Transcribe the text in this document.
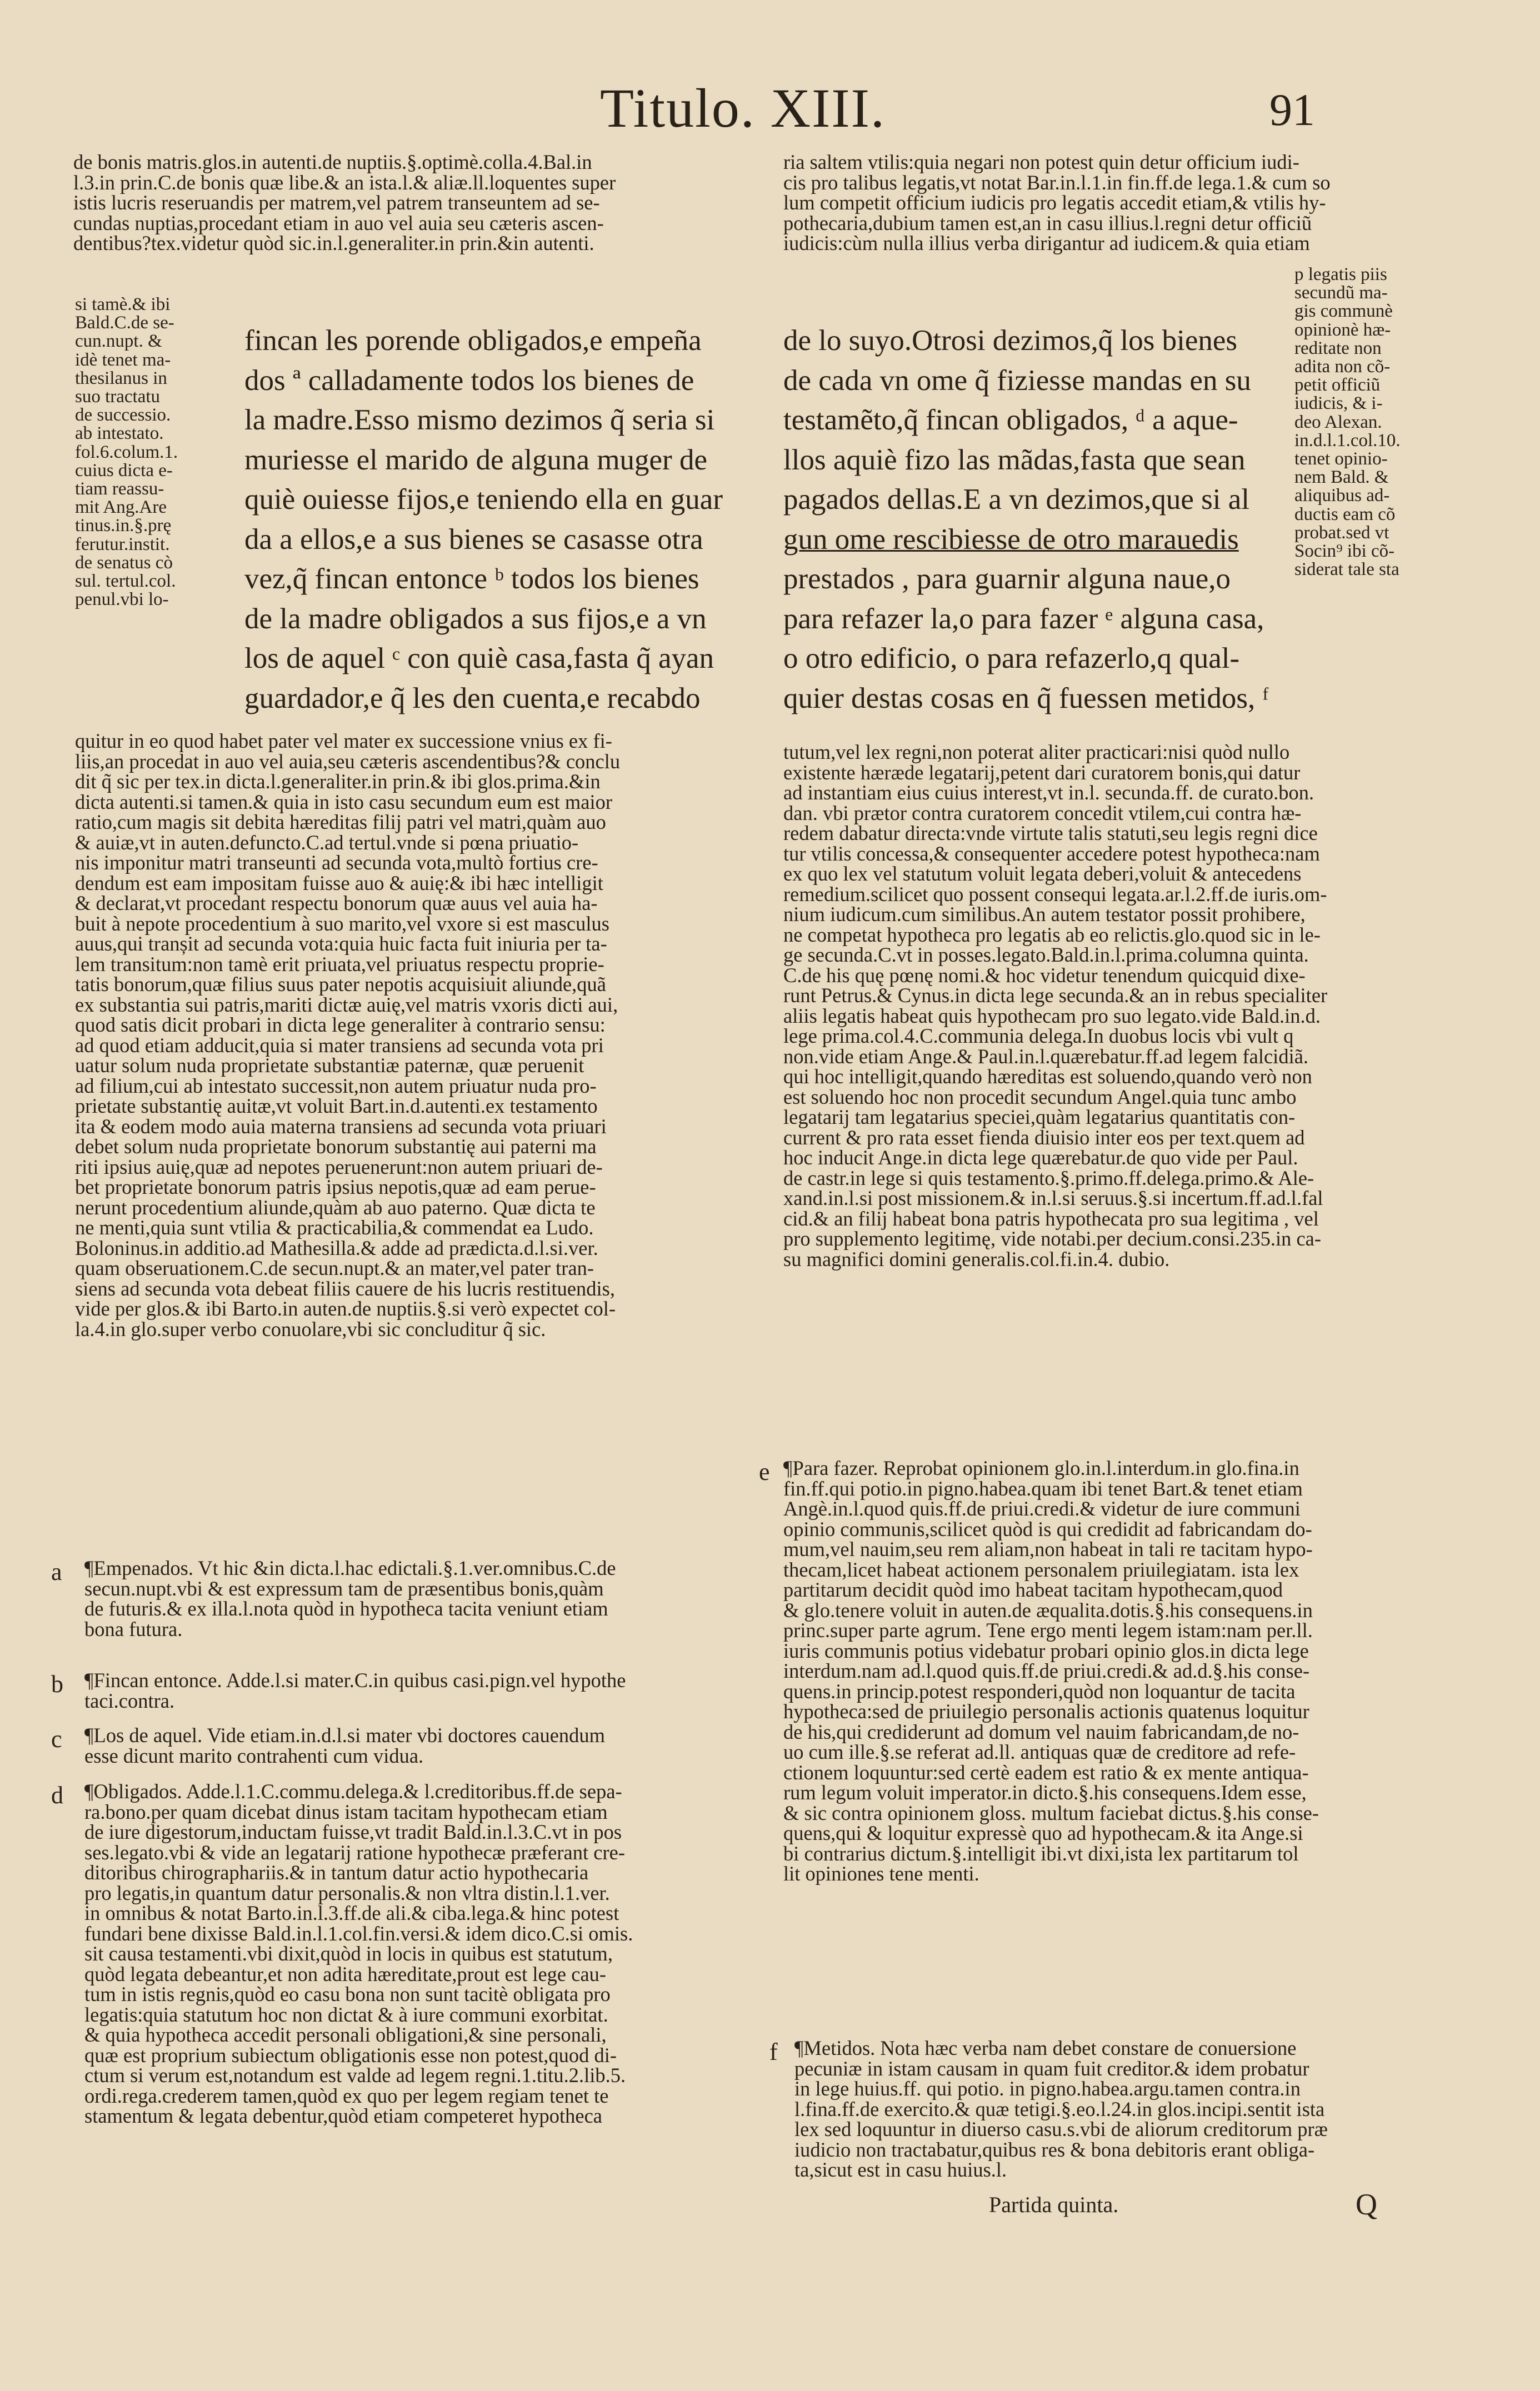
Titulo. XIII.	91
de bonis matris.glos.in autenti.de nuptiis.§.optimè.colla.4.Bal.in
l.3.in prin.C.de bonis quæ libe.& an ista.l.& aliæ.ll.loquentes super
istis lucris reseruandis per matrem,vel patrem transeuntem ad se-
cundas nuptias,procedant etiam in auo vel auia seu cæteris ascen-
dentibus?tex.videtur quòd sic.in.l.generaliter.in prin.&in autenti.
si tamè.& ibi
Bald.C.de se-
cun.nupt. &
idè tenet ma-
thesilanus in
suo tractatu
de successio.
ab intestato.
fol.6.colum.1.
cuius dicta e-
tiam reassu-
mit Ang.Are
tinus.in.§.prę
ferutur.instit.
de senatus cò
sul. tertul.col.
penul.vbi lo-
fincan les porende obligados,e empeña
dos ª calladamente todos los bienes de
la madre.Esso mismo dezimos q̃ seria si
muriesse el marido de alguna muger de
quiè ouiesse fijos,e teniendo ella en guar
da a ellos,e a sus bienes se casasse otra
vez,q̃ fincan entonce ᵇ todos los bienes
de la madre obligados a sus fijos,e a vn
los de aquel ᶜ con quiè casa,fasta q̃ ayan
guardador,e q̃ les den cuenta,e recabdo
quitur in eo quod habet pater vel mater ex successione vnius ex fi-
liis,an procedat in auo vel auia,seu cæteris ascendentibus?& conclu
dit q̃ sic per tex.in dicta.l.generaliter.in prin.& ibi glos.prima.&in
dicta autenti.si tamen.& quia in isto casu secundum eum est maior
ratio,cum magis sit debita hæreditas filij patri vel matri,quàm auo
& auiæ,vt in auten.defuncto.C.ad tertul.vnde si pœna priuatio-
nis imponitur matri transeunti ad secunda vota,multò fortius cre-
dendum est eam impositam fuisse auo & auię:& ibi hæc intelligit
& declarat,vt procedant respectu bonorum quæ auus vel auia ha-
buit à nepote procedentium à suo marito,vel vxore si est masculus
auus,qui tranșit ad secunda vota:quia huic facta fuit iniuria per ta-
lem transitum:non tamè erit priuata,vel priuatus respectu proprie-
tatis bonorum,quæ filius suus pater nepotis acquisiuit aliunde,quã
ex substantia sui patris,mariti dictæ auię,vel matris vxoris dicti aui,
quod satis dicit probari in dicta lege generaliter à contrario sensu:
ad quod etiam adducit,quia si mater transiens ad secunda vota pri
uatur solum nuda proprietate substantiæ paternæ, quæ peruenit
ad filium,cui ab intestato successit,non autem priuatur nuda pro-
prietate substantię auitæ,vt voluit Bart.in.d.autenti.ex testamento
ita & eodem modo auia materna transiens ad secunda vota priuari
debet solum nuda proprietate bonorum substantię aui paterni ma
riti ipsius auię,quæ ad nepotes peruenerunt:non autem priuari de-
bet proprietate bonorum patris ipsius nepotis,quæ ad eam perue-
nerunt procedentium aliunde,quàm ab auo paterno. Quæ dicta te
ne menti,quia sunt vtilia & practicabilia,& commendat ea Ludo.
Boloninus.in additio.ad Mathesilla.& adde ad prædicta.d.l.si.ver.
quam obseruationem.C.de secun.nupt.& an mater,vel pater tran-
siens ad secunda vota debeat filiis cauere de his lucris restituendis,
vide per glos.& ibi Barto.in auten.de nuptiis.§.si verò expectet col-
la.4.in glo.super verbo conuolare,vbi sic concluditur q̃ sic.
a ¶Empenados. Vt hic &in dicta.l.hac edictali.§.1.ver.omnibus.C.de
secun.nupt.vbi & est expressum tam de præsentibus bonis,quàm
de futuris.& ex illa.l.nota quòd in hypotheca tacita veniunt etiam
bona futura.
b ¶Fincan entonce. Adde.l.si mater.C.in quibus casi.pign.vel hypothe
taci.contra.
c ¶Los de aquel. Vide etiam.in.d.l.si mater vbi doctores cauendum
esse dicunt marito contrahenti cum vidua.
d ¶Obligados. Adde.l.1.C.commu.delega.& l.creditoribus.ff.de sepa-
ra.bono.per quam dicebat dinus istam tacitam hypothecam etiam
de iure digestorum,inductam fuisse,vt tradit Bald.in.l.3.C.vt in pos
ses.legato.vbi & vide an legatarij ratione hypothecæ præferant cre-
ditoribus chirographariis.& in tantum datur actio hypothecaria
pro legatis,in quantum datur personalis.& non vltra distin.l.1.ver.
in omnibus & notat Barto.in.l.3.ff.de ali.& ciba.lega.& hinc potest
fundari bene dixisse Bald.in.l.1.col.fin.versi.& idem dico.C.si omis.
sit causa testamenti.vbi dixit,quòd in locis in quibus est statutum,
quòd legata debeantur,et non adita hæreditate,prout est lege cau-
tum in istis regnis,quòd eo casu bona non sunt tacitè obligata pro
legatis:quia statutum hoc non dictat & à iure communi exorbitat.
& quia hypotheca accedit personali obligationi,& sine personali,
quæ est proprium subiectum obligationis esse non potest,quod di-
ctum si verum est,notandum est valde ad legem regni.1.titu.2.lib.5.
ordi.rega.crederem tamen,quòd ex quo per legem regiam tenet te
stamentum & legata debentur,quòd etiam competeret hypotheca
ria saltem vtilis:quia negari non potest quin detur officium iudi-
cis pro talibus legatis,vt notat Bar.in.l.1.in fin.ff.de lega.1.& cum so
lum competit officium iudicis pro legatis accedit etiam,& vtilis hy-
pothecaria,dubium tamen est,an in casu illius.l.regni detur officiũ
iudicis:cùm nulla illius verba dirigantur ad iudicem.& quia etiam
de lo suyo.Otrosi dezimos,q̃ los bienes
de cada vn ome q̃ fiziesse mandas en su
testamẽto,q̃ fincan obligados, ᵈ a aque-
llos aquiè fizo las mãdas,fasta que sean
pagados dellas.E a vn dezimos,que si al
gun ome rescibiesse de otro marauedis
prestados , para guarnir alguna naue,o
para refazer la,o para fazer ᵉ alguna casa,
o otro edificio, o para refazerlo,q qual-
quier destas cosas en q̃ fuessen metidos, ᶠ
p legatis piis
secundũ ma-
gis communè
opinionè hæ-
reditate non
adita non cõ-
petit officiũ
iudicis, & i-
deo Alexan.
in.d.l.1.col.10.
tenet opinio-
nem Bald. &
aliquibus ad-
ductis eam cõ
probat.sed vt
Socin⁹ ibi cõ-
siderat tale sta
tutum,vel lex regni,non poterat aliter practicari:nisi quòd nullo
existente hæræde legatarij,petent dari curatorem bonis,qui datur
ad instantiam eius cuius interest,vt in.l. secunda.ff. de curato.bon.
dan. vbi prætor contra curatorem concedit vtilem,cui contra hæ-
redem dabatur directa:vnde virtute talis statuti,seu legis regni dice
tur vtilis concessa,& consequenter accedere potest hypotheca:nam
ex quo lex vel statutum voluit legata deberi,voluit & antecedens
remedium.scilicet quo possent consequi legata.ar.l.2.ff.de iuris.om-
nium iudicum.cum similibus.An autem testator possit prohibere,
ne competat hypotheca pro legatis ab eo relictis.glo.quod sic in le-
ge secunda.C.vt in posses.legato.Bald.in.l.prima.columna quinta.
C.de his quę pœnę nomi.& hoc videtur tenendum quicquid dixe-
runt Petrus.& Cynus.in dicta lege secunda.& an in rebus specialiter
aliis legatis habeat quis hypothecam pro suo legato.vide Bald.in.d.
lege prima.col.4.C.communia delega.In duobus locis vbi vult q
non.vide etiam Ange.& Paul.in.l.quærebatur.ff.ad legem falcidiã.
qui hoc intelligit,quando hæreditas est soluendo,quando verò non
est soluendo hoc non procedit secundum Angel.quia tunc ambo
legatarij tam legatarius speciei,quàm legatarius quantitatis con-
current & pro rata esset fienda diuisio inter eos per text.quem ad
hoc inducit Ange.in dicta lege quærebatur.de quo vide per Paul.
de castr.in lege si quis testamento.§.primo.ff.delega.primo.& Ale-
xand.in.l.si post missionem.& in.l.si seruus.§.si incertum.ff.ad.l.fal
cid.& an filij habeat bona patris hypothecata pro sua legitima , vel
pro supplemento legitimę, vide notabi.per decium.consi.235.in ca-
su magnifici domini generalis.col.fi.in.4. dubio.
e ¶Para fazer. Reprobat opinionem glo.in.l.interdum.in glo.fina.in
fin.ff.qui potio.in pigno.habea.quam ibi tenet Bart.& tenet etiam
Angè.in.l.quod quis.ff.de priui.credi.& videtur de iure communi
opinio communis,scilicet quòd is qui credidit ad fabricandam do-
mum,vel nauim,seu rem aliam,non habeat in tali re tacitam hypo-
thecam,licet habeat actionem personalem priuilegiatam. ista lex
partitarum decidit quòd imo habeat tacitam hypothecam,quod
& glo.tenere voluit in auten.de æqualita.dotis.§.his consequens.in
princ.super parte agrum. Tene ergo menti legem istam:nam per.ll.
iuris communis potius videbatur probari opinio glos.in dicta lege
interdum.nam ad.l.quod quis.ff.de priui.credi.& ad.d.§.his conse-
quens.in princip.potest responderi,quòd non loquantur de tacita
hypotheca:sed de priuilegio personalis actionis quatenus loquitur
de his,qui crediderunt ad domum vel nauim fabricandam,de no-
uo cum ille.§.se referat ad.ll. antiquas quæ de creditore ad refe-
ctionem loquuntur:sed certè eadem est ratio & ex mente antiqua-
rum legum voluit imperator.in dicto.§.his consequens.Idem esse,
& sic contra opinionem gloss. multum faciebat dictus.§.his conse-
quens,qui & loquitur expressè quo ad hypothecam.& ita Ange.si
bi contrarius dictum.§.intelligit ibi.vt dixi,ista lex partitarum tol
lit opiniones tene menti.
f ¶Metidos. Nota hæc verba nam debet constare de conuersione
pecuniæ in istam causam in quam fuit creditor.& idem probatur
in lege huius.ff. qui potio. in pigno.habea.argu.tamen contra.in
l.fina.ff.de exercito.& quæ tetigi.§.eo.l.24.in glos.incipi.sentit ista
lex sed loquuntur in diuerso casu.s.vbi de aliorum creditorum præ
iudicio non tractabatur,quibus res & bona debitoris erant obliga-
ta,sicut est in casu huius.l.
Partida quinta.	Q
